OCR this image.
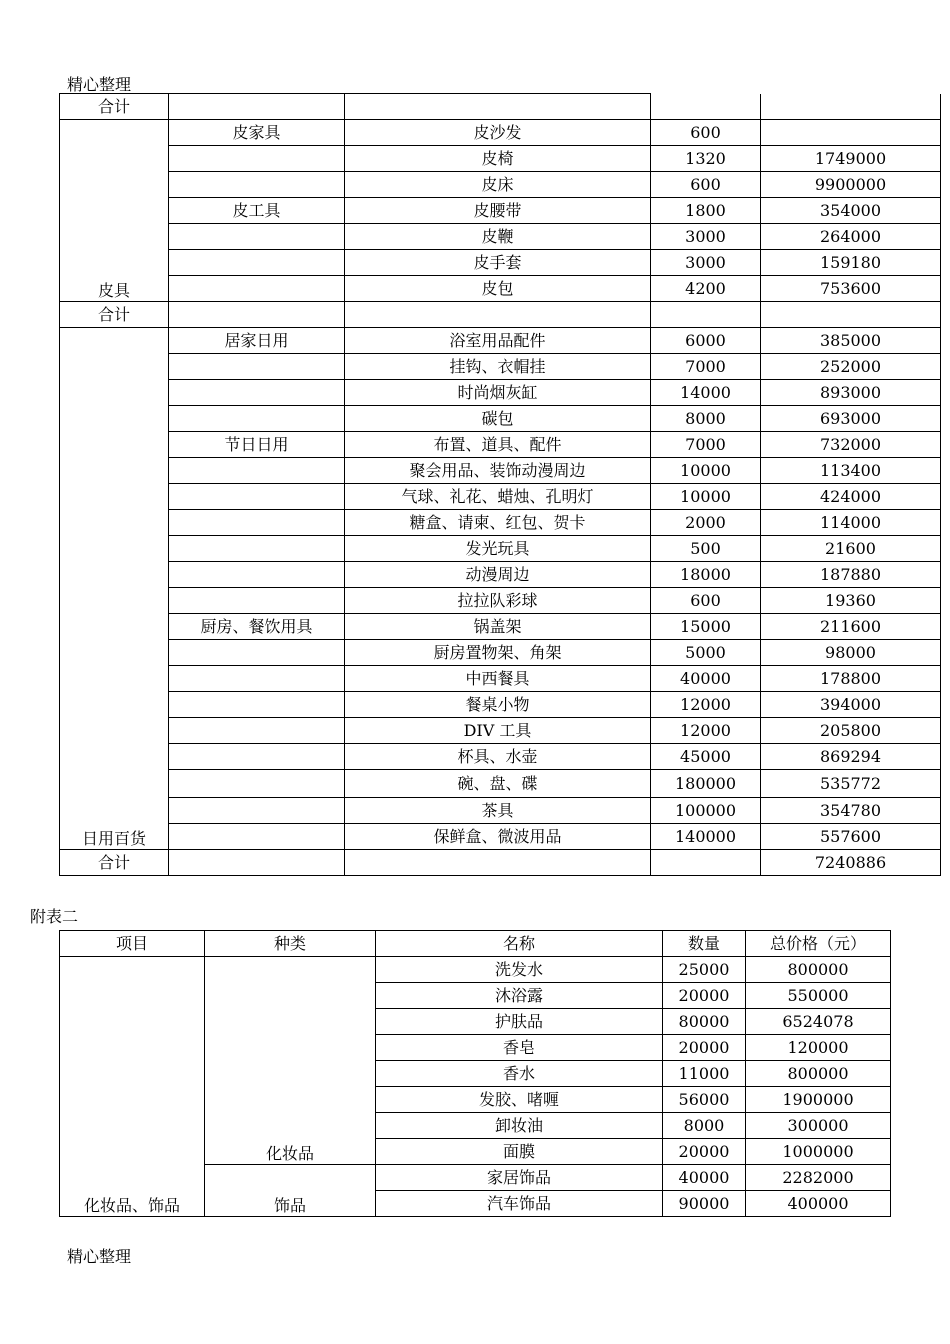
精心整理
合计				
皮具	皮家具	皮沙发	600	
		皮椅	1320	1749000
		皮床	600	9900000
	皮工具	皮腰带	1800	354000
		皮鞭	3000	264000
		皮手套	3000	159180
		皮包	4200	753600
合计				
日用百货	居家日用	浴室用品配件	6000	385000
		挂钩、衣帽挂	7000	252000
		时尚烟灰缸	14000	893000
		碳包	8000	693000
	节日日用	布置、道具、配件	7000	732000
		聚会用品、装饰动漫周边	10000	113400
		气球、礼花、蜡烛、孔明灯	10000	424000
		糖盒、请柬、红包、贺卡	2000	114000
		发光玩具	500	21600
		动漫周边	18000	187880
		拉拉队彩球	600	19360
	厨房、餐饮用具	锅盖架	15000	211600
		厨房置物架、角架	5000	98000
		中西餐具	40000	178800
		餐桌小物	12000	394000
		DIV 工具	12000	205800
		杯具、水壶	45000	869294
		碗、盘、碟	180000	535772
		茶具	100000	354780
		保鲜盒、微波用品	140000	557600
合计				7240886
附表二
项目	种类	名称	数量	总价格（元）
化妆品、饰品	化妆品	洗发水	25000	800000
		沐浴露	20000	550000
		护肤品	80000	6524078
		香皂	20000	120000
		香水	11000	800000
		发胶、啫喱	56000	1900000
		卸妆油	8000	300000
		面膜	20000	1000000
	饰品	家居饰品	40000	2282000
		汽车饰品	90000	400000
精心整理
